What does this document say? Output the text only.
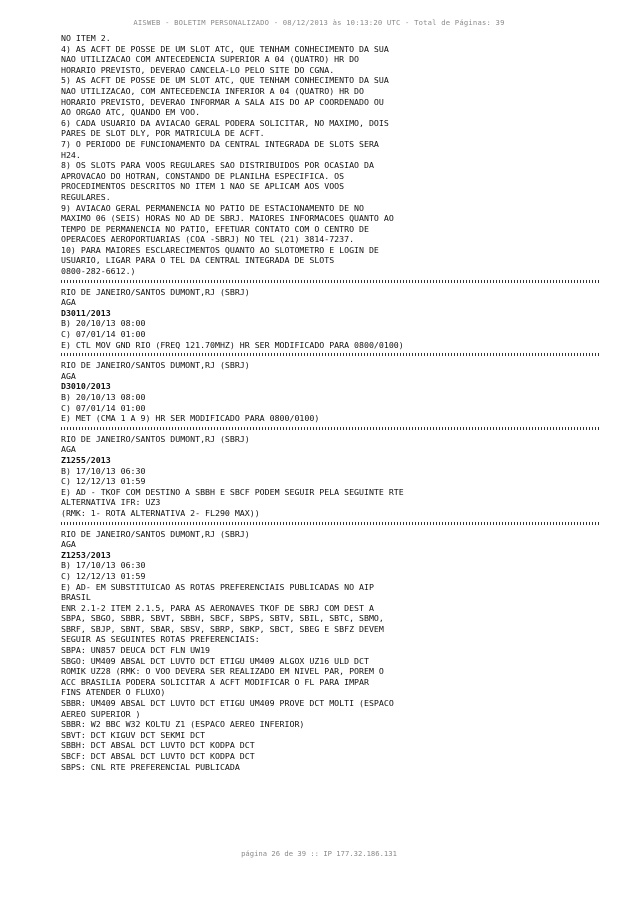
AISWEB - BOLETIM PERSONALIZADO - 08/12/2013 às 10:13:20 UTC - Total de Páginas: 39
NO ITEM 2.
4) AS ACFT DE POSSE DE UM SLOT ATC, QUE TENHAM CONHECIMENTO DA SUA
NAO UTILIZACAO COM ANTECEDENCIA SUPERIOR A 04 (QUATRO) HR DO
HORARIO PREVISTO, DEVERAO CANCELA-LO PELO SITE DO CGNA.
5) AS ACFT DE POSSE DE UM SLOT ATC, QUE TENHAM CONHECIMENTO DA SUA
NAO UTILIZACAO, COM ANTECEDENCIA INFERIOR A 04 (QUATRO) HR DO
HORARIO PREVISTO, DEVERAO INFORMAR A SALA AIS DO AP COORDENADO OU
AO ORGAO ATC, QUANDO EM VOO.
6) CADA USUARIO DA AVIACAO GERAL PODERA SOLICITAR, NO MAXIMO, DOIS
PARES DE SLOT DLY, POR MATRICULA DE ACFT.
7) O PERIODO DE FUNCIONAMENTO DA CENTRAL INTEGRADA DE SLOTS SERA
H24.
8) OS SLOTS PARA VOOS REGULARES SAO DISTRIBUIDOS POR OCASIAO DA
APROVACAO DO HOTRAN, CONSTANDO DE PLANILHA ESPECIFICA. OS
PROCEDIMENTOS DESCRITOS NO ITEM 1 NAO SE APLICAM AOS VOOS
REGULARES.
9) AVIACAO GERAL PERMANENCIA NO PATIO DE ESTACIONAMENTO DE NO
MAXIMO 06 (SEIS) HORAS NO AD DE SBRJ. MAIORES INFORMACOES QUANTO AO
TEMPO DE PERMANENCIA NO PATIO, EFETUAR CONTATO COM O CENTRO DE
OPERACOES AEROPORTUARIAS (COA -SBRJ) NO TEL (21) 3814-7237.
10) PARA MAIORES ESCLARECIMENTOS QUANTO AO SLOTOMETRO E LOGIN DE
USUARIO, LIGAR PARA O TEL DA CENTRAL INTEGRADA DE SLOTS
0800-282-6612.)
RIO DE JANEIRO/SANTOS DUMONT,RJ (SBRJ)
AGA
D3011/2013
B) 20/10/13 08:00
C) 07/01/14 01:00
E) CTL MOV GND RIO (FREQ 121.70MHZ) HR SER MODIFICADO PARA 0800/0100)
RIO DE JANEIRO/SANTOS DUMONT,RJ (SBRJ)
AGA
D3010/2013
B) 20/10/13 08:00
C) 07/01/14 01:00
E) MET (CMA 1 A 9) HR SER MODIFICADO PARA 0800/0100)
RIO DE JANEIRO/SANTOS DUMONT,RJ (SBRJ)
AGA
Z1255/2013
B) 17/10/13 06:30
C) 12/12/13 01:59
E) AD - TKOF COM DESTINO A SBBH E SBCF PODEM SEGUIR PELA SEGUINTE RTE
ALTERNATIVA IFR: UZ3
(RMK: 1- ROTA ALTERNATIVA 2- FL290 MAX))
RIO DE JANEIRO/SANTOS DUMONT,RJ (SBRJ)
AGA
Z1253/2013
B) 17/10/13 06:30
C) 12/12/13 01:59
E) AD- EM SUBSTITUICAO AS ROTAS PREFERENCIAIS PUBLICADAS NO AIP
BRASIL
ENR 2.1-2 ITEM 2.1.5, PARA AS AERONAVES TKOF DE SBRJ COM DEST A
SBPA, SBGO, SBBR, SBVT, SBBH, SBCF, SBPS, SBTV, SBIL, SBTC, SBMO,
SBRF, SBJP, SBNT, SBAR, SBSV, SBRP, SBKP, SBCT, SBEG E SBFZ DEVEM
SEGUIR AS SEGUINTES ROTAS PREFERENCIAIS:
SBPA: UN857 DEUCA DCT FLN UW19
SBGO: UM409 ABSAL DCT LUVTO DCT ETIGU UM409 ALGOX UZ16 ULD DCT
ROMIK UZ28 (RMK: O VOO DEVERA SER REALIZADO EM NIVEL PAR, POREM O
ACC BRASILIA PODERA SOLICITAR A ACFT MODIFICAR O FL PARA IMPAR
FINS ATENDER O FLUXO)
SBBR: UM409 ABSAL DCT LUVTO DCT ETIGU UM409 PROVE DCT MOLTI (ESPACO
AEREO SUPERIOR )
SBBR: W2 BBC W32 KOLTU Z1 (ESPACO AEREO INFERIOR)
SBVT: DCT KIGUV DCT SEKMI DCT
SBBH: DCT ABSAL DCT LUVTO DCT KODPA DCT
SBCF: DCT ABSAL DCT LUVTO DCT KODPA DCT
SBPS: CNL RTE PREFERENCIAL PUBLICADA
página 26 de 39 :: IP 177.32.186.131
